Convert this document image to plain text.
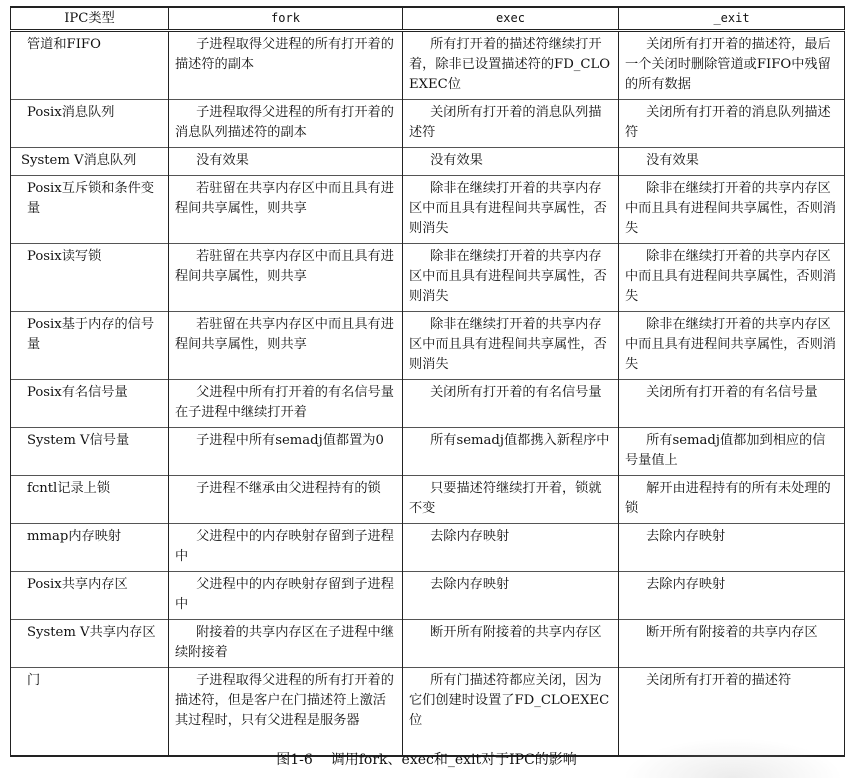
IPC类型	fork	exec	_exit
管道和FIFO	子进程取得父进程的所有打开着的描述符的副本	所有打开着的描述符继续打开着，除非已设置描述符的FD_CLOEXEC位	关闭所有打开着的描述符，最后一个关闭时删除管道或FIFO中残留的所有数据
Posix消息队列	子进程取得父进程的所有打开着的消息队列描述符的副本	关闭所有打开着的消息队列描述符	关闭所有打开着的消息队列描述符
System V消息队列	没有效果	没有效果	没有效果
Posix互斥锁和条件变量	若驻留在共享内存区中而且具有进程间共享属性，则共享	除非在继续打开着的共享内存区中而且具有进程间共享属性，否则消失	除非在继续打开着的共享内存区中而且具有进程间共享属性，否则消失
Posix读写锁	若驻留在共享内存区中而且具有进程间共享属性，则共享	除非在继续打开着的共享内存区中而且具有进程间共享属性，否则消失	除非在继续打开着的共享内存区中而且具有进程间共享属性，否则消失
Posix基于内存的信号量	若驻留在共享内存区中而且具有进程间共享属性，则共享	除非在继续打开着的共享内存区中而且具有进程间共享属性，否则消失	除非在继续打开着的共享内存区中而且具有进程间共享属性，否则消失
Posix有名信号量	父进程中所有打开着的有名信号量在子进程中继续打开着	关闭所有打开着的有名信号量	关闭所有打开着的有名信号量
System V信号量	子进程中所有semadj值都置为0	所有semadj值都携入新程序中	所有semadj值都加到相应的信号量值上
fcntl记录上锁	子进程不继承由父进程持有的锁	只要描述符继续打开着，锁就不变	解开由进程持有的所有未处理的锁
mmap内存映射	父进程中的内存映射存留到子进程中	去除内存映射	去除内存映射
Posix共享内存区	父进程中的内存映射存留到子进程中	去除内存映射	去除内存映射
System V共享内存区	附接着的共享内存区在子进程中继续附接着	断开所有附接着的共享内存区	断开所有附接着的共享内存区
门	子进程取得父进程的所有打开着的描述符，但是客户在门描述符上激活其过程时，只有父进程是服务器	所有门描述符都应关闭，因为它们创建时设置了FD_CLOEXEC位	关闭所有打开着的描述符
图1-6 调用fork、exec和_exit对于IPC的影响
